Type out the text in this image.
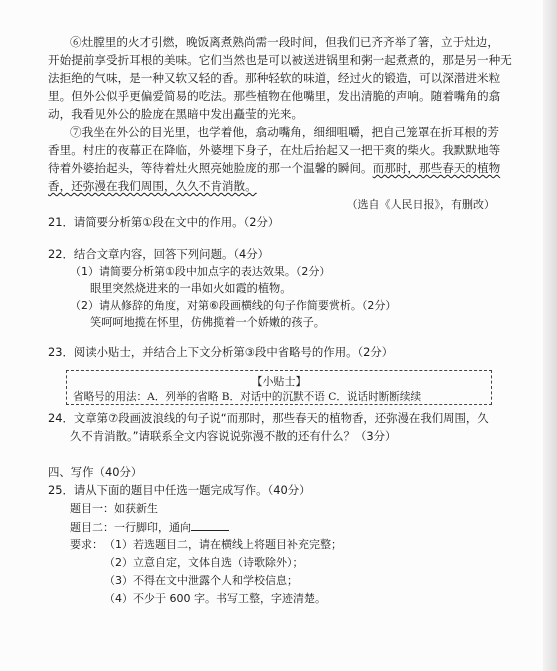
⑥灶膛里的火才引燃，晚饭离煮熟尚需一段时间，但我们已齐齐举了箸，立于灶边，
开始提前享受折耳根的美味。它们当然也是可以被送进锅里和粥一起煮煮的，那是另一种无
法拒绝的气味，是一种又软又轻的香。那种轻软的味道，经过火的锻造，可以深潜进米粒
里。但外公似乎更偏爱简易的吃法。那些植物在他嘴里，发出清脆的声响。随着嘴角的翕
动，我看见外公的脸庞在黑暗中发出矗莹的光来。
⑦我坐在外公的目光里，也学着他，翕动嘴角，细细咀嚼，把自己笼罩在折耳根的芳
香里。村庄的夜幕正在降临，外婆埋下身子，在灶后抬起又一把干爽的柴火。我默默地等
待着外婆抬起头，等待着灶火照亮她脸庞的那一个温馨的瞬间。而那时，那些春天的植物
香，还弥漫在我们周围，久久不肯消散。
（选自《人民日报》，有删改）
21．请简要分析第①段在文中的作用。（2分）
22．结合文章内容，回答下列问题。（4分）
（1）请简要分析第①段中加点字的表达效果。（2分）
眼里突然烧进来的一串如火如霞的植物。
（2）请从修辞的角度，对第⑥段画横线的句子作简要赏析。（2分）
笑呵呵地揽在怀里，仿佛揽着一个娇嫩的孩子。
23．阅读小贴士，并结合上下文分析第③段中省略号的作用。（2分）
【小贴士】
省略号的用法：A．列举的省略 B．对话中的沉默不语 C．说话时断断续续
24．文章第⑦段画波浪线的句子说“而那时，那些春天的植物香，还弥漫在我们周围，久
久不肯消散。”请联系全文内容说说弥漫不散的还有什么？（3分）
四、写作（40分）
25．请从下面的题目中任选一题完成写作。（40分）
题目一：如获新生
题目二：一行脚印，通向
要求： （1）若选题目二，请在横线上将题目补充完整；
（2）立意自定，文体自选（诗歌除外）；
（3）不得在文中泄露个人和学校信息；
（4）不少于 600 字。书写工整，字迹清楚。
